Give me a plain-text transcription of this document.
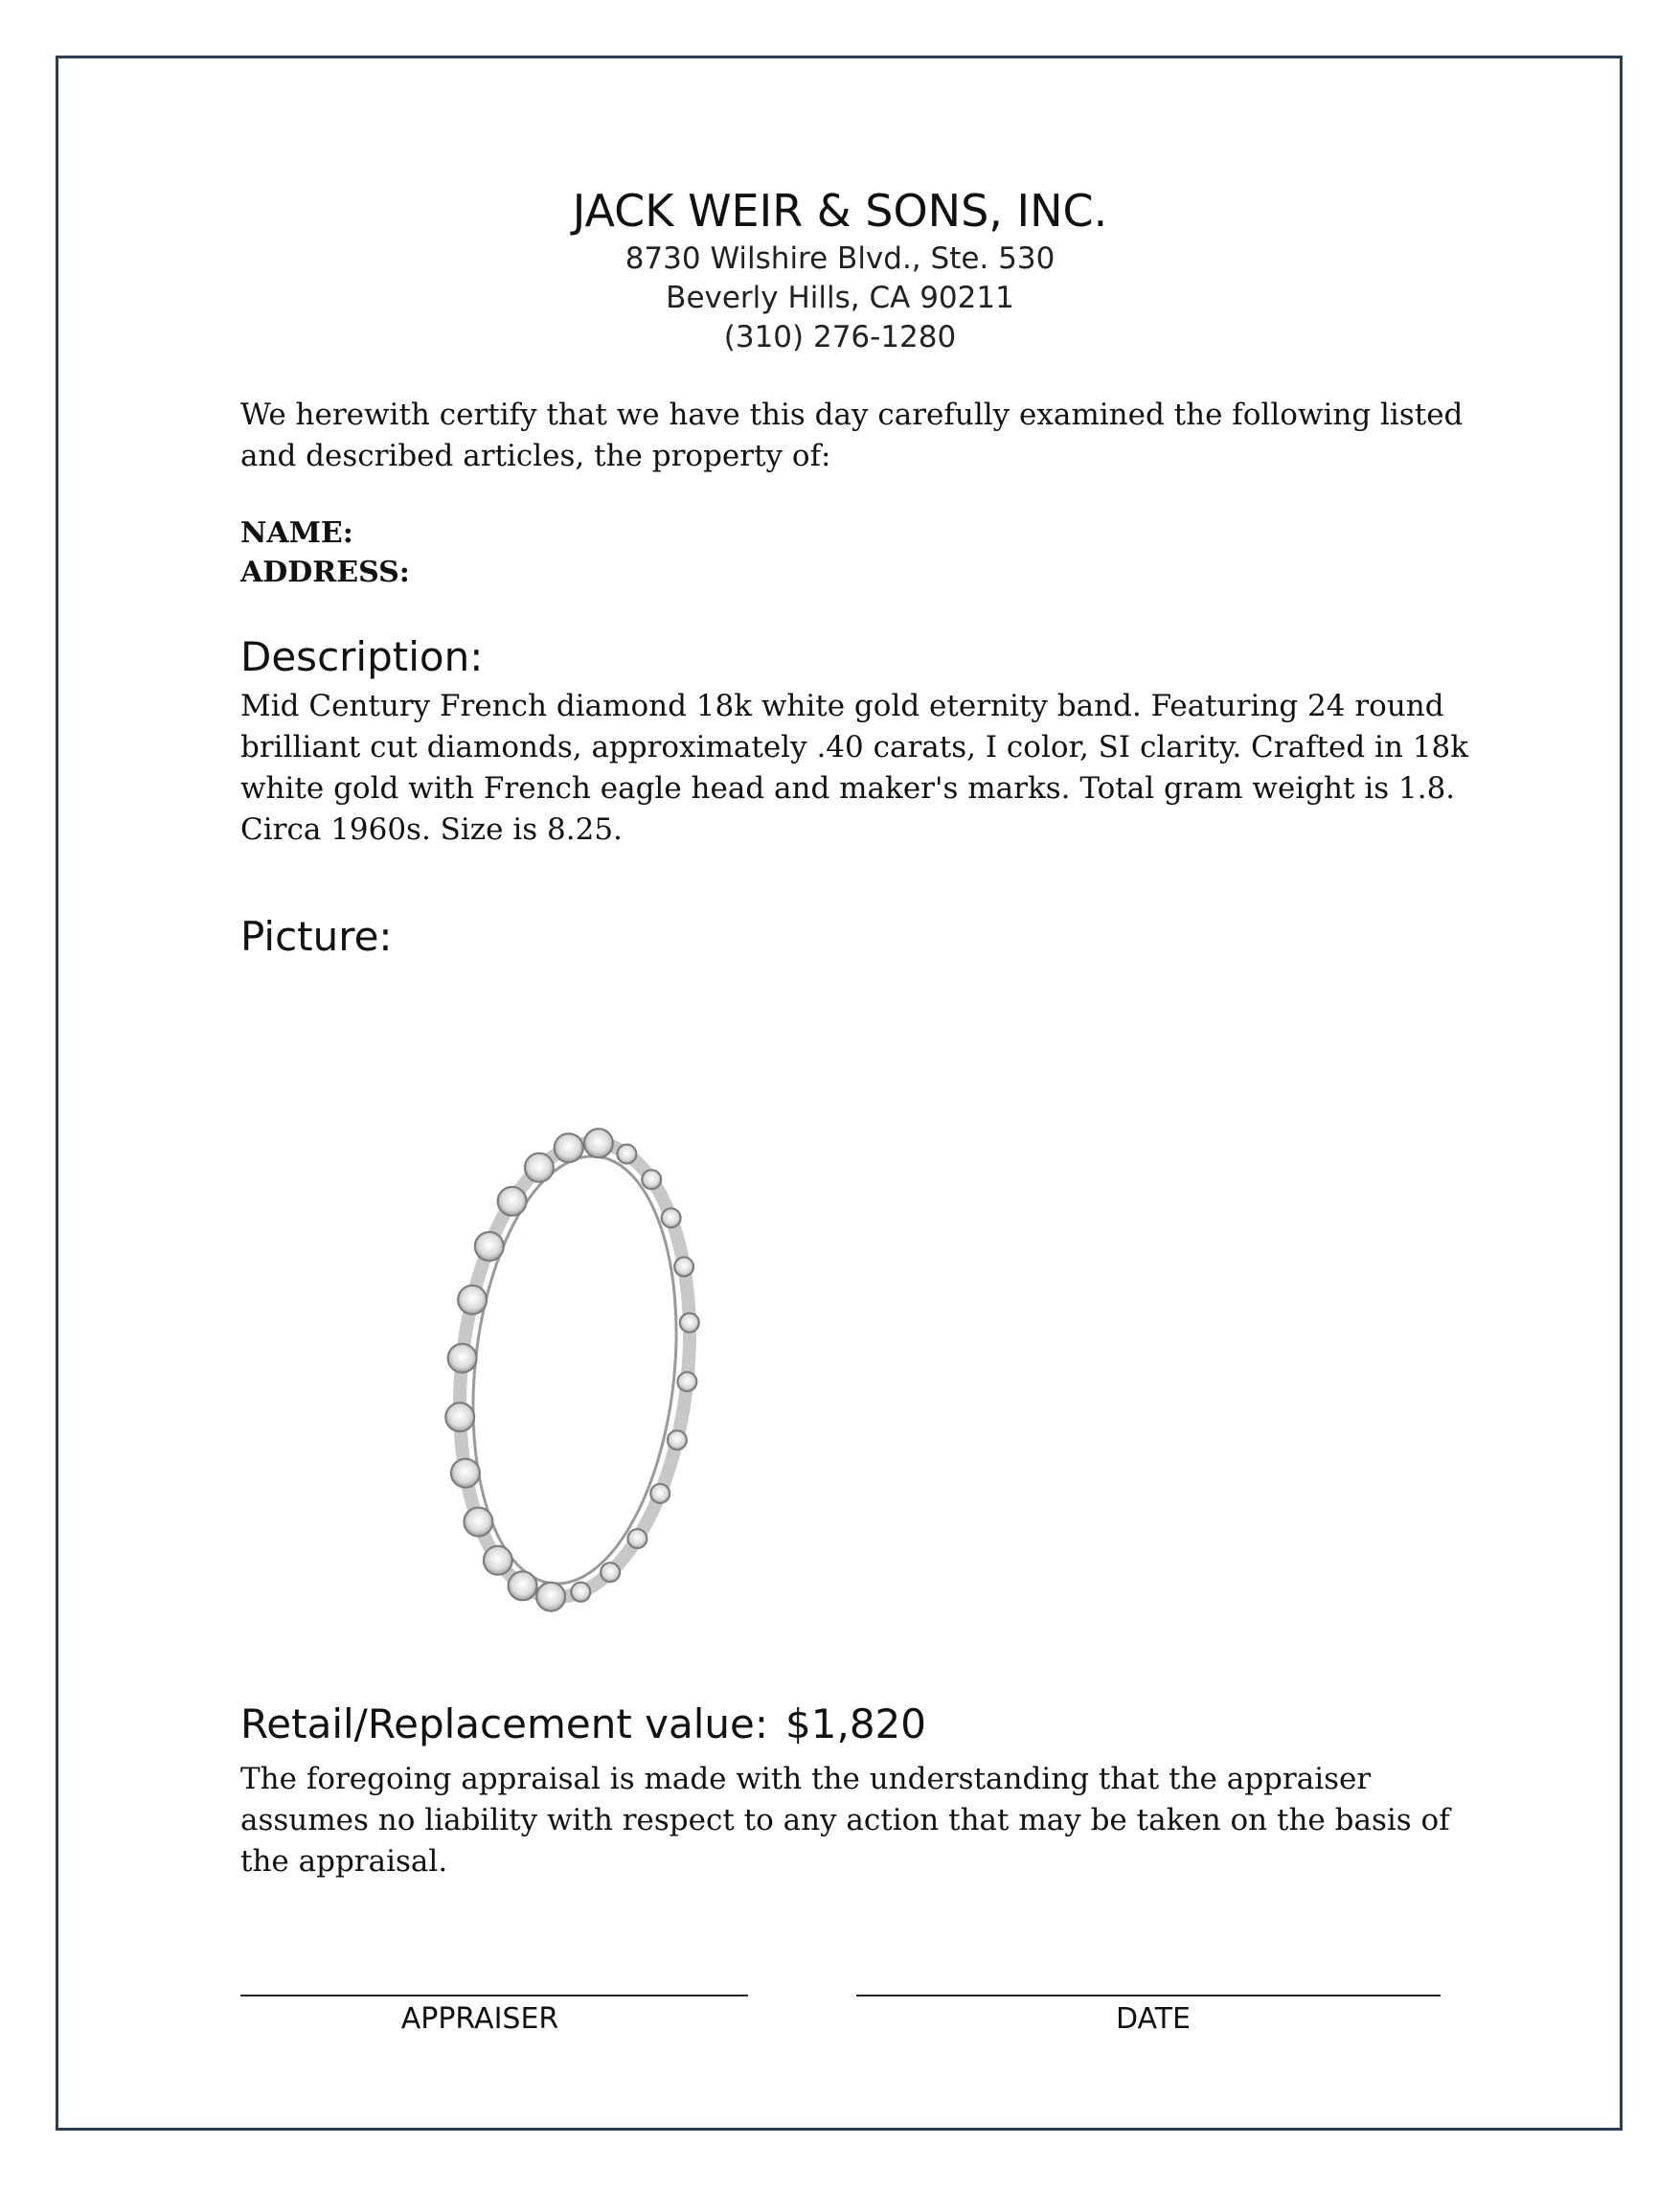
JACK WEIR & SONS, INC.
8730 Wilshire Blvd., Ste. 530
Beverly Hills, CA 90211
(310) 276-1280
We herewith certify that we have this day carefully examined the following listed and described articles, the property of:
NAME:
ADDRESS:
Description:
Mid Century French diamond 18k white gold eternity band. Featuring 24 round brilliant cut diamonds, approximately .40 carats, I color, SI clarity. Crafted in 18k white gold with French eagle head and maker's marks. Total gram weight is 1.8. Circa 1960s. Size is 8.25.
Picture:
Retail/Replacement value: $1,820
The foregoing appraisal is made with the understanding that the appraiser assumes no liability with respect to any action that may be taken on the basis of the appraisal.
APPRAISER	DATE
